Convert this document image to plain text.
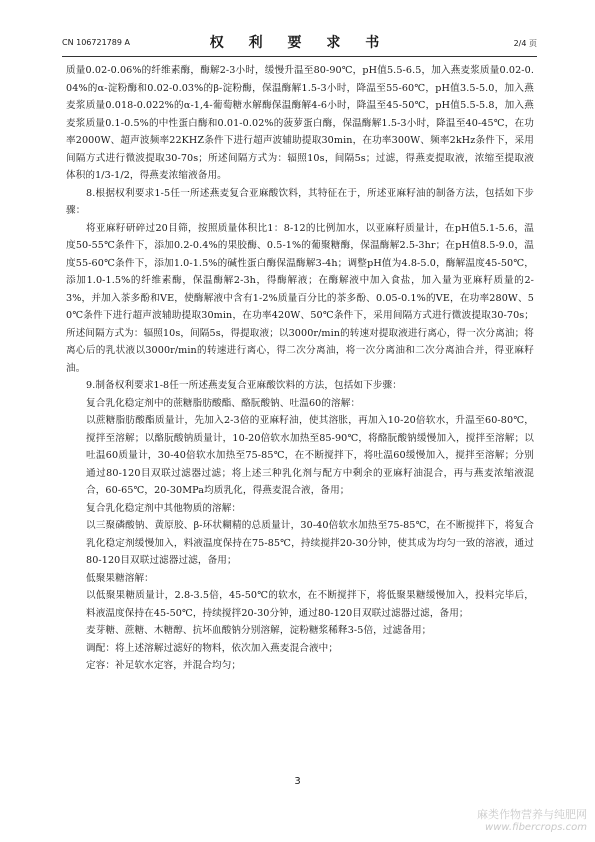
CN 106721789 A	权 利 要 求 书	2/4 页

质量0.02-0.06%的纤维素酶，酶解2-3小时，缓慢升温至80-90℃，pH值5.5-6.5，加入燕麦浆质量0.02-0.04%的α-淀粉酶和0.02-0.03%的β-淀粉酶，保温酶解1.5-3小时，降温至55-60℃，pH值3.5-5.0，加入燕麦浆质量0.018-0.022%的α-1,4-葡萄糖水解酶保温酶解4-6小时，降温至45-50℃，pH值5.5-5.8，加入燕麦浆质量0.1-0.5%的中性蛋白酶和0.01-0.02%的菠萝蛋白酶，保温酶解1.5-3小时，降温至40-45℃，在功率2000W、超声波频率22KHZ条件下进行超声波辅助提取30min，在功率300W、频率2kHz条件下，采用间隔方式进行微波提取30-70s；所述间隔方式为：辐照10s，间隔5s；过滤，得燕麦提取液，浓缩至提取液体积的1/3-1/2，得燕麦浓缩液备用。

8.根据权利要求1-5任一所述燕麦复合亚麻酸饮料，其特征在于，所述亚麻籽油的制备方法，包括如下步骤：

将亚麻籽研碎过20目筛，按照质量体积比1：8-12的比例加水，以亚麻籽质量计，在pH值5.1-5.6，温度50-55℃条件下，添加0.2-0.4%的果胶酶、0.5-1%的葡聚糖酶，保温酶解2.5-3hr；在pH值8.5-9.0，温度55-60℃条件下，添加1.0-1.5%的碱性蛋白酶保温酶解3-4h；调整pH值为4.8-5.0，酶解温度45-50℃，添加1.0-1.5%的纤维素酶，保温酶解2-3h，得酶解液；在酶解液中加入食盐，加入量为亚麻籽质量的2-3%，并加入茶多酚和VE，使酶解液中含有1-2%质量百分比的茶多酚、0.05-0.1%的VE，在功率280W、50℃条件下进行超声波辅助提取30min，在功率420W、50℃条件下，采用间隔方式进行微波提取30-70s；所述间隔方式为：辐照10s，间隔5s，得提取液；以3000r/min的转速对提取液进行离心，得一次分离油；将离心后的乳状液以3000r/min的转速进行离心，得二次分离油，将一次分离油和二次分离油合并，得亚麻籽油。

9.制备权利要求1-8任一所述燕麦复合亚麻酸饮料的方法，包括如下步骤：

复合乳化稳定剂中的蔗糖脂肪酸酯、酪朊酸钠、吐温60的溶解：

以蔗糖脂肪酸酯质量计，先加入2-3倍的亚麻籽油，使其溶胀，再加入10-20倍软水，升温至60-80℃，搅拌至溶解；以酪朊酸钠质量计，10-20倍软水加热至85-90℃，将酪朊酸钠缓慢加入，搅拌至溶解；以吐温60质量计，30-40倍软水加热至75-85℃，在不断搅拌下，将吐温60缓慢加入，搅拌至溶解；分别通过80-120目双联过滤器过滤；将上述三种乳化剂与配方中剩余的亚麻籽油混合，再与燕麦浓缩液混合，60-65℃，20-30MPa均质乳化，得燕麦混合液，备用；

复合乳化稳定剂中其他物质的溶解：

以三聚磷酸钠、黄原胶、β-环状糊精的总质量计，30-40倍软水加热至75-85℃，在不断搅拌下，将复合乳化稳定剂缓慢加入，料液温度保持在75-85℃，持续搅拌20-30分钟，使其成为均匀一致的溶液，通过80-120目双联过滤器过滤，备用；

低聚果糖溶解：

以低聚果糖质量计，2.8-3.5倍，45-50℃的软水，在不断搅拌下，将低聚果糖缓慢加入，投料完毕后，料液温度保持在45-50℃，持续搅拌20-30分钟，通过80-120目双联过滤器过滤，备用；

麦芽糖、蔗糖、木糖醇、抗坏血酸钠分别溶解，淀粉糖浆稀释3-5倍，过滤备用；

调配：将上述溶解过滤好的物料，依次加入燕麦混合液中；

定容：补足软水定容，并混合均匀；

3
麻类作物营养与纯肥网
www.fibercrops.com
